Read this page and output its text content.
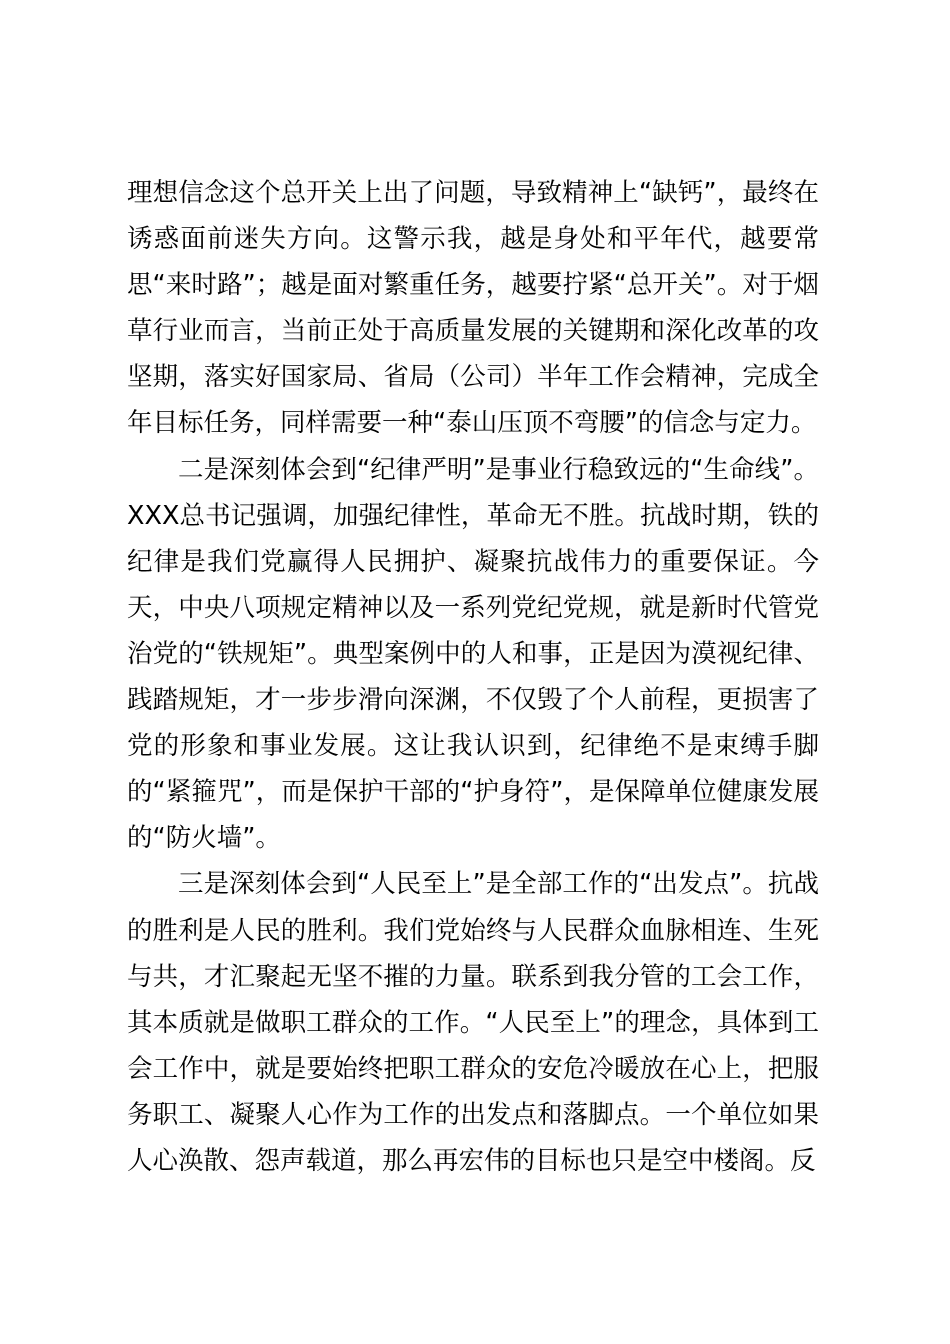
理想信念这个总开关上出了问题，导致精神上“缺钙”，最终在诱惑面前迷失方向。这警示我，越是身处和平年代，越要常思“来时路”；越是面对繁重任务，越要拧紧“总开关”。对于烟草行业而言，当前正处于高质量发展的关键期和深化改革的攻坚期，落实好国家局、省局（公司）半年工作会精神，完成全年目标任务，同样需要一种“泰山压顶不弯腰”的信念与定力。

二是深刻体会到“纪律严明”是事业行稳致远的“生命线”。XXX总书记强调，加强纪律性，革命无不胜。抗战时期，铁的纪律是我们党赢得人民拥护、凝聚抗战伟力的重要保证。今天，中央八项规定精神以及一系列党纪党规，就是新时代管党治党的“铁规矩”。典型案例中的人和事，正是因为漠视纪律、践踏规矩，才一步步滑向深渊，不仅毁了个人前程，更损害了党的形象和事业发展。这让我认识到，纪律绝不是束缚手脚的“紧箍咒”，而是保护干部的“护身符”，是保障单位健康发展的“防火墙”。

三是深刻体会到“人民至上”是全部工作的“出发点”。抗战的胜利是人民的胜利。我们党始终与人民群众血脉相连、生死与共，才汇聚起无坚不摧的力量。联系到我分管的工会工作，其本质就是做职工群众的工作。“人民至上”的理念，具体到工会工作中，就是要始终把职工群众的安危冷暖放在心上，把服务职工、凝聚人心作为工作的出发点和落脚点。一个单位如果人心涣散、怨声载道，那么再宏伟的目标也只是空中楼阁。反
